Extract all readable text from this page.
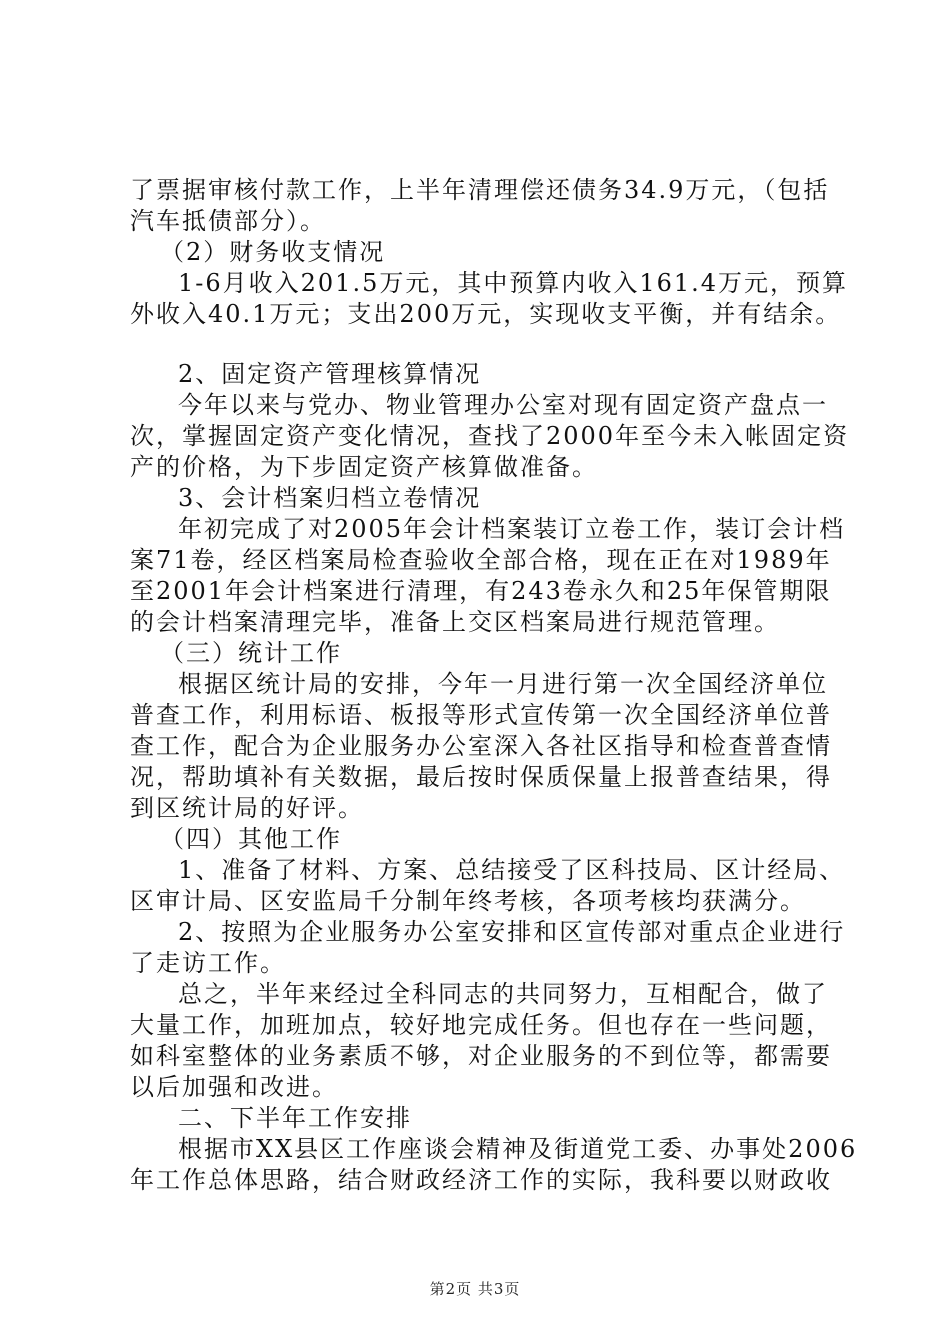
了票据审核付款工作，上半年清理偿还债务34.9万元，（包括
汽车抵债部分）。
（2）财务收支情况
1-6月收入201.5万元，其中预算内收入161.4万元，预算
外收入40.1万元；支出200万元，实现收支平衡，并有结余。
2、固定资产管理核算情况
今年以来与党办、物业管理办公室对现有固定资产盘点一
次，掌握固定资产变化情况，查找了2000年至今未入帐固定资
产的价格，为下步固定资产核算做准备。
3、会计档案归档立卷情况
年初完成了对2005年会计档案装订立卷工作，装订会计档
案71卷，经区档案局检查验收全部合格，现在正在对1989年
至2001年会计档案进行清理，有243卷永久和25年保管期限
的会计档案清理完毕，准备上交区档案局进行规范管理。
（三）统计工作
根据区统计局的安排，今年一月进行第一次全国经济单位
普查工作，利用标语、板报等形式宣传第一次全国经济单位普
查工作，配合为企业服务办公室深入各社区指导和检查普查情
况，帮助填补有关数据，最后按时保质保量上报普查结果，得
到区统计局的好评。
（四）其他工作
1、准备了材料、方案、总结接受了区科技局、区计经局、
区审计局、区安监局千分制年终考核，各项考核均获满分。
2、按照为企业服务办公室安排和区宣传部对重点企业进行
了走访工作。
总之，半年来经过全科同志的共同努力，互相配合，做了
大量工作，加班加点，较好地完成任务。但也存在一些问题，
如科室整体的业务素质不够，对企业服务的不到位等，都需要
以后加强和改进。
二、下半年工作安排
根据市XX县区工作座谈会精神及街道党工委、办事处2006
年工作总体思路，结合财政经济工作的实际，我科要以财政收
第2页 共3页
